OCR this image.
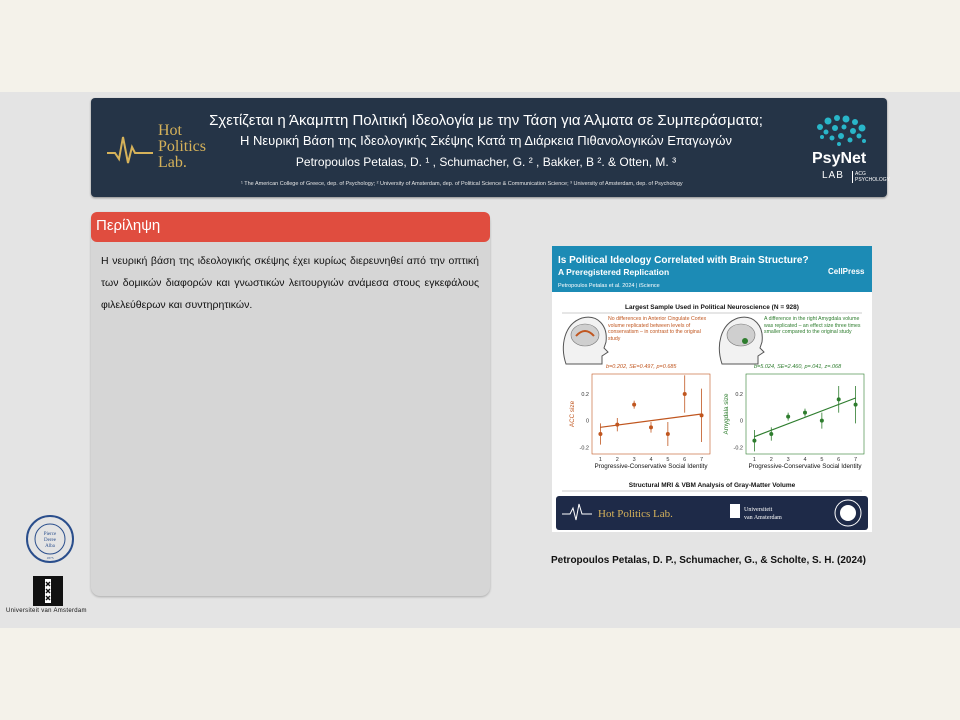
Hot
Politics
Lab.
Σχετίζεται η Άκαμπτη Πολιτική Ιδεολογία με την Τάση για Άλματα σε Συμπεράσματα;
Η Νευρική Βάση της Ιδεολογικής Σκέψης Κατά τη Διάρκεια Πιθανολογικών Επαγωγών
Petropoulos Petalas, D. ¹ , Schumacher, G. ² , Bakker, B ². & Otten, M. ³
¹ The American College of Greece, dep. of Psychology; ² University of Amsterdam, dep. of Political Science & Communication Science; ³ University of Amsterdam, dep. of Psychology
PsyNet
LAB ACG
PSYCHOLOGY
Περίληψη
Η νευρική βάση της ιδεολογικής σκέψης έχει κυρίως διερευνηθεί από την οπτική των δομικών διαφορών και γνωστικών λειτουργιών ανάμεσα στους εγκεφάλους φιλελεύθερων και συντηρητικών.
Is Political Ideology Correlated with Brain Structure?
A Preregistered Replication
Petropoulos Petalas et al. 2024 | iScience
CellPress
Largest Sample Used in Political Neuroscience (N = 928)
No differences in Anterior Cingulate Cortex volume replicated between levels of conservatism – in contrast to the original study
A difference in the right Amygdala volume was replicated – an effect size three times smaller compared to the original study
b=0.202, SE=0.497, p=0.685	b=5.024, SE=2.460, p=.041, z=.068
-0.2
0
0.2
1	2	3	4	5	6	7
Progressive-Conservative Social Identity
ACC size
-0.2
0
0.2
1	2	3	4	5	6	7
Progressive-Conservative Social Identity
Amygdala size
Structural MRI & VBM Analysis of Gray-Matter Volume
Hot Politics Lab.	Universiteit
van Amsterdam
Petropoulos Petalas, D. P., Schumacher, G., & Scholte, S. H. (2024)
Pierce
Deree
Alba
1875
Universiteit van Amsterdam
